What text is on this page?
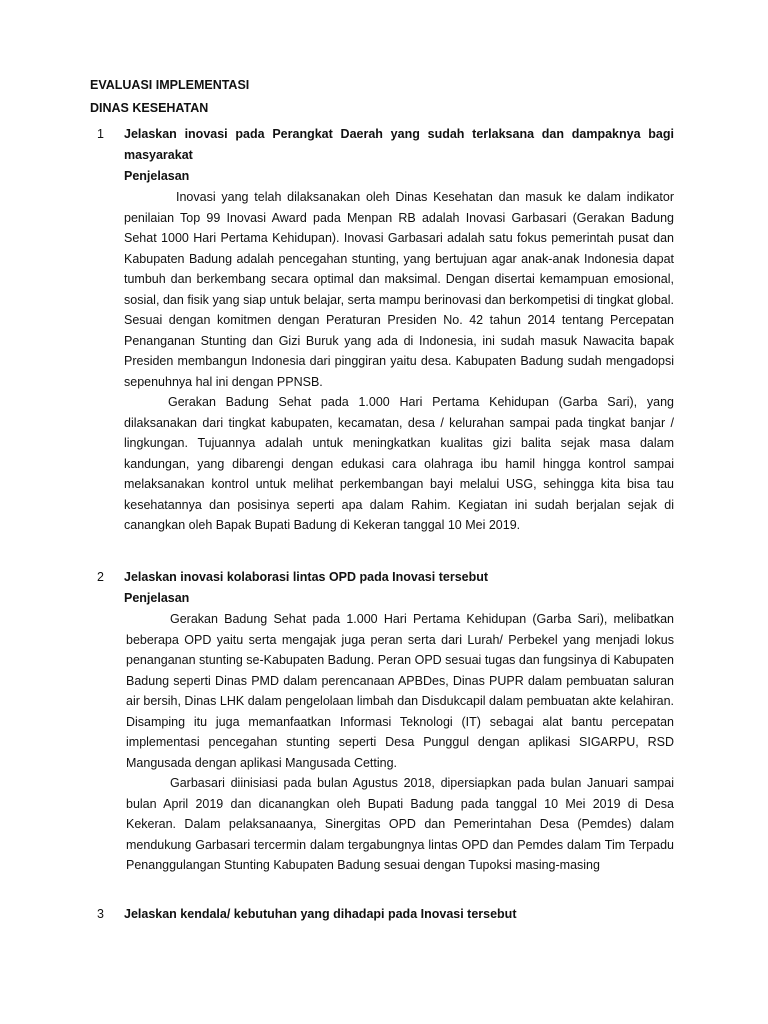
EVALUASI IMPLEMENTASI
DINAS KESEHATAN
1	Jelaskan inovasi pada Perangkat Daerah yang sudah terlaksana dan dampaknya bagi masyarakat
Penjelasan

Inovasi yang telah dilaksanakan oleh Dinas Kesehatan dan masuk ke dalam indikator penilaian Top 99 Inovasi Award pada Menpan RB adalah Inovasi Garbasari (Gerakan Badung Sehat 1000 Hari Pertama Kehidupan). Inovasi Garbasari adalah satu fokus pemerintah pusat dan Kabupaten Badung adalah pencegahan stunting, yang bertujuan agar anak-anak Indonesia dapat tumbuh dan berkembang secara optimal dan maksimal. Dengan disertai kemampuan emosional, sosial, dan fisik yang siap untuk belajar, serta mampu berinovasi dan berkompetisi di tingkat global. Sesuai dengan komitmen dengan Peraturan Presiden No. 42 tahun 2014 tentang Percepatan Penanganan Stunting dan Gizi Buruk yang ada di Indonesia, ini sudah masuk Nawacita bapak Presiden membangun Indonesia dari pinggiran yaitu desa. Kabupaten Badung sudah mengadopsi sepenuhnya hal ini dengan PPNSB.

Gerakan Badung Sehat pada 1.000 Hari Pertama Kehidupan (Garba Sari), yang dilaksanakan dari tingkat kabupaten, kecamatan, desa / kelurahan sampai pada tingkat banjar / lingkungan. Tujuannya adalah untuk meningkatkan kualitas gizi balita sejak masa dalam kandungan, yang dibarengi dengan edukasi cara olahraga ibu hamil hingga kontrol sampai melaksanakan kontrol untuk melihat perkembangan bayi melalui USG, sehingga kita bisa tau kesehatannya dan posisinya seperti apa dalam Rahim. Kegiatan ini sudah berjalan sejak di canangkan oleh Bapak Bupati Badung di Kekeran tanggal 10 Mei 2019.

2	Jelaskan inovasi kolaborasi lintas OPD pada Inovasi tersebut
Penjelasan

Gerakan Badung Sehat pada 1.000 Hari Pertama Kehidupan (Garba Sari), melibatkan beberapa OPD yaitu serta mengajak juga peran serta dari Lurah/ Perbekel yang menjadi lokus penanganan stunting se-Kabupaten Badung. Peran OPD sesuai tugas dan fungsinya di Kabupaten Badung seperti Dinas PMD dalam perencanaan APBDes, Dinas PUPR dalam pembuatan saluran air bersih, Dinas LHK dalam pengelolaan limbah dan Disdukcapil dalam pembuatan akte kelahiran. Disamping itu juga memanfaatkan Informasi Teknologi (IT) sebagai alat bantu percepatan implementasi pencegahan stunting seperti Desa Punggul dengan aplikasi SIGARPU, RSD Mangusada dengan aplikasi Mangusada Cetting.

Garbasari diinisiasi pada bulan Agustus 2018, dipersiapkan pada bulan Januari sampai bulan April 2019 dan dicanangkan oleh Bupati Badung pada tanggal 10 Mei 2019 di Desa Kekeran. Dalam pelaksanaanya, Sinergitas OPD dan Pemerintahan Desa (Pemdes) dalam mendukung Garbasari tercermin dalam tergabungnya lintas OPD dan Pemdes dalam Tim Terpadu Penanggulangan Stunting Kabupaten Badung sesuai dengan Tupoksi masing-masing

3	Jelaskan kendala/ kebutuhan yang dihadapi pada Inovasi tersebut
